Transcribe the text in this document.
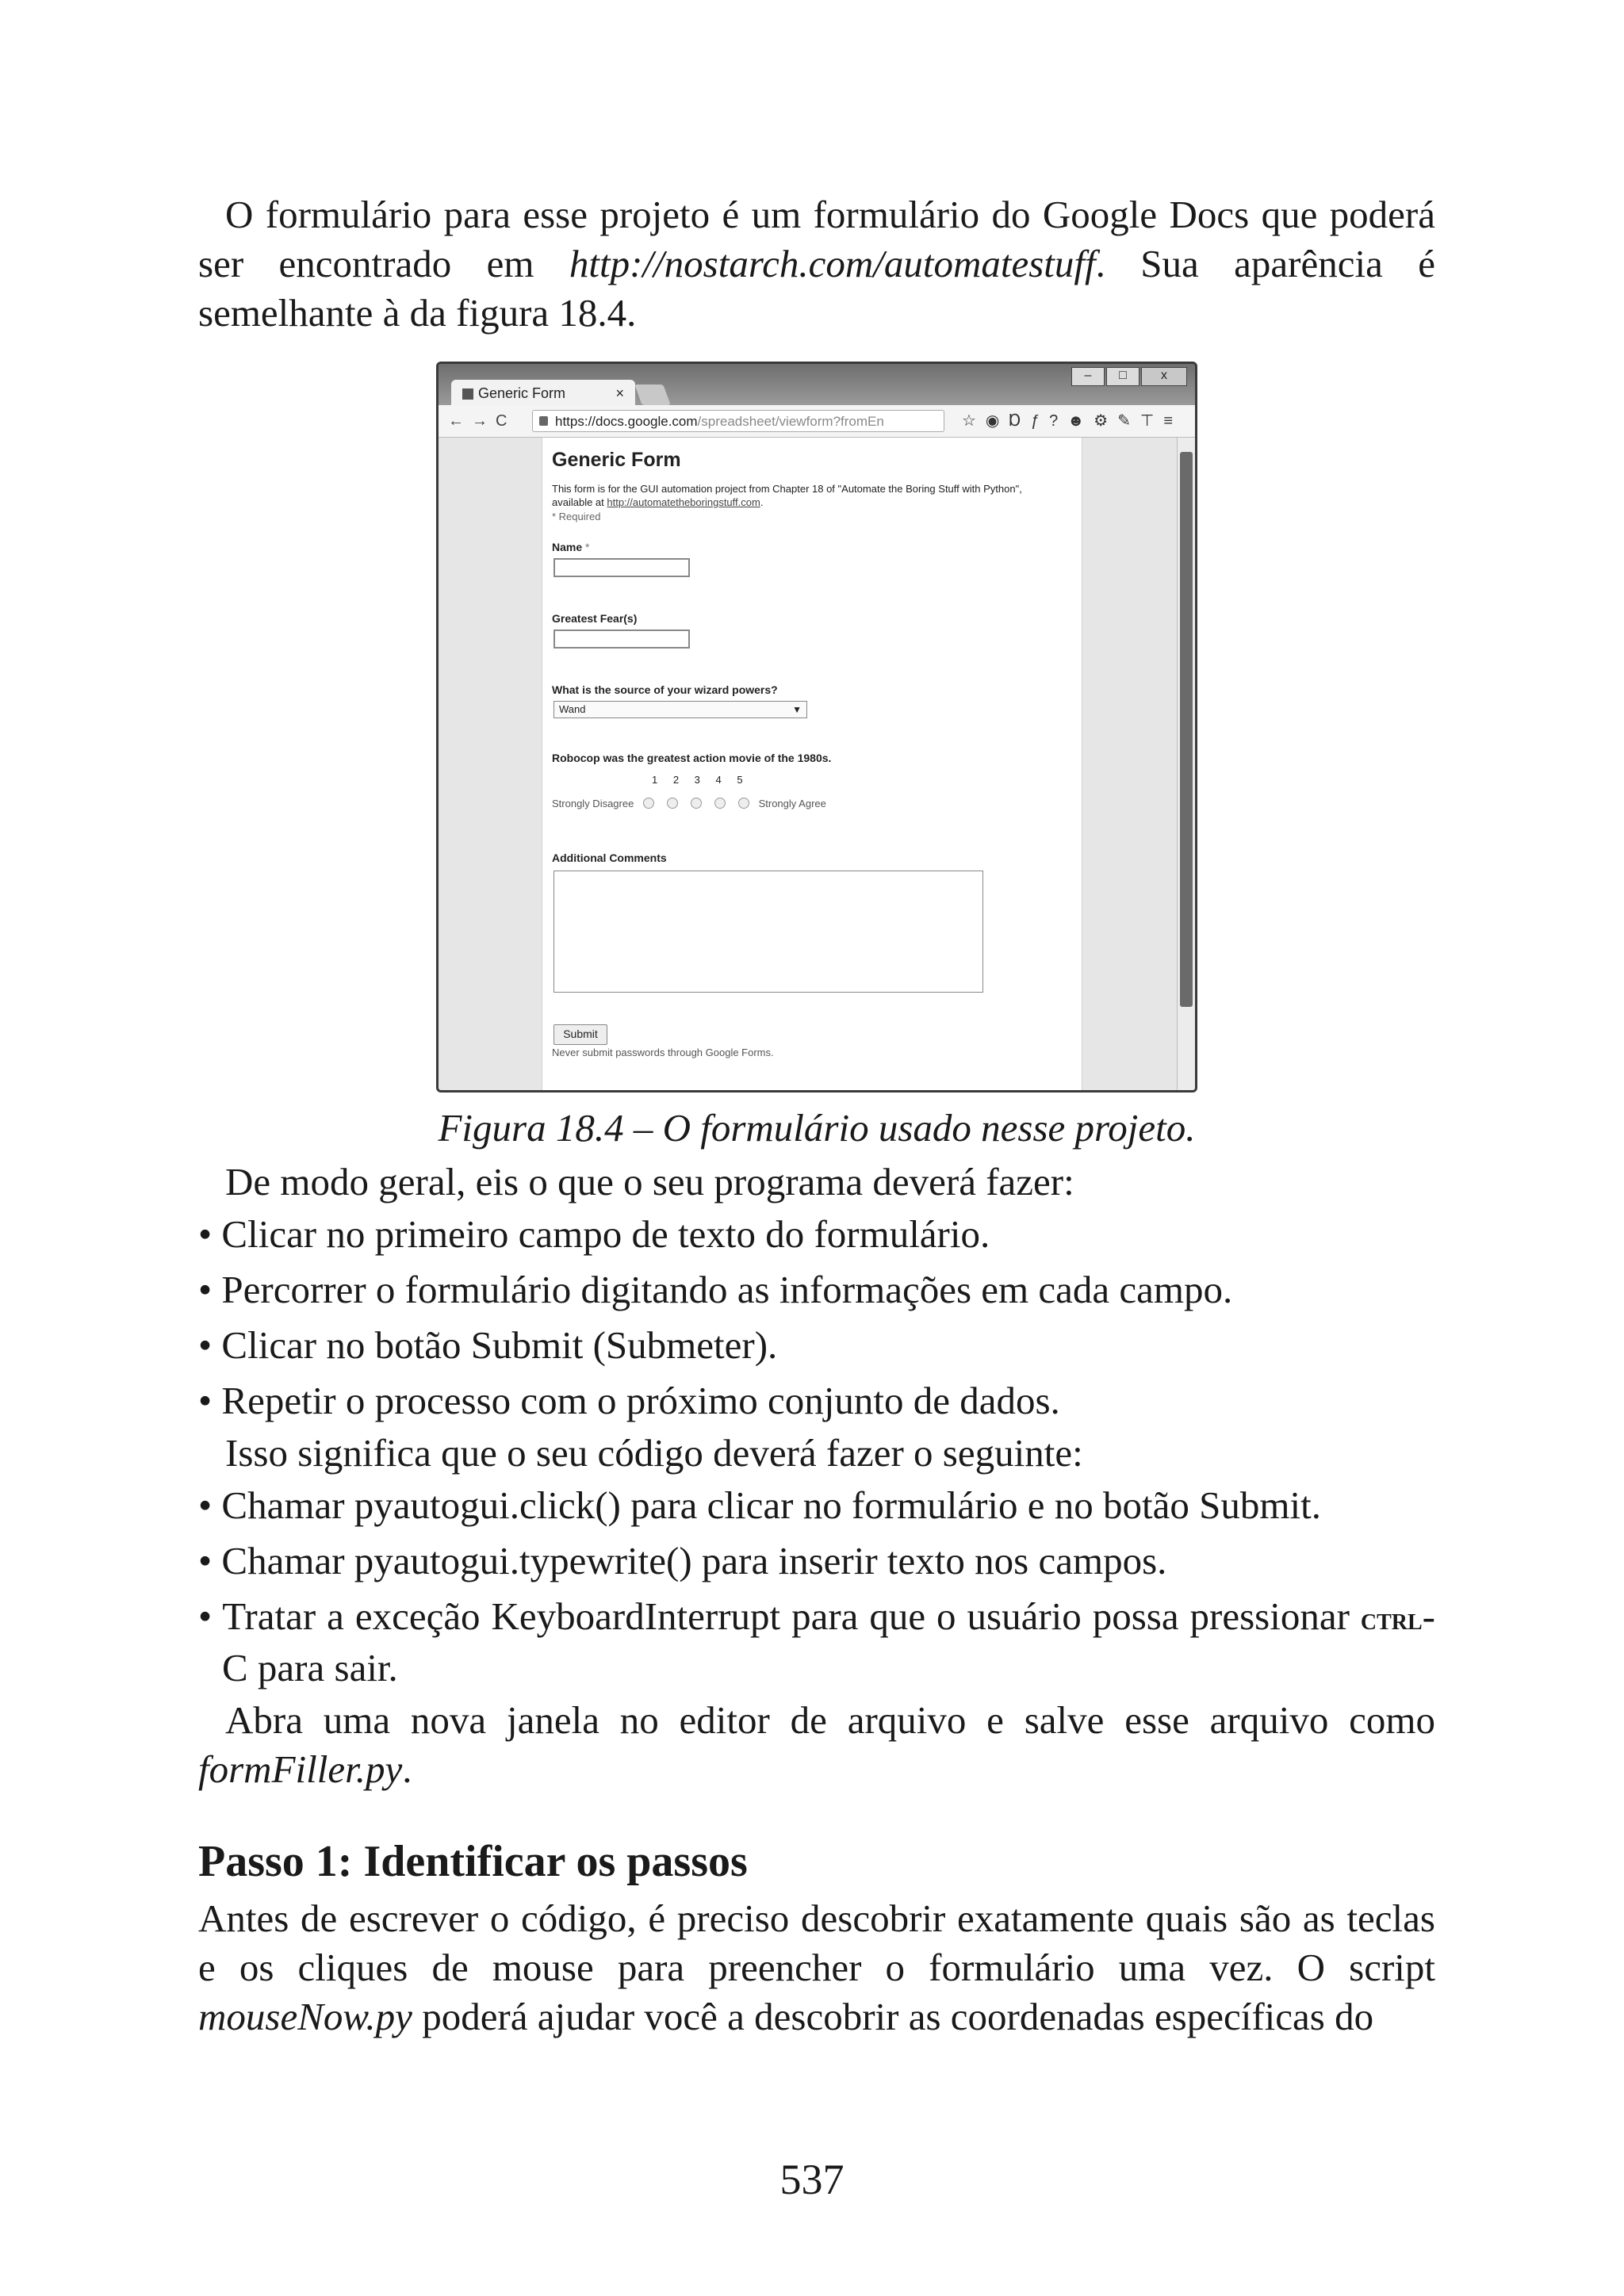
O formulário para esse projeto é um formulário do Google Docs que poderá ser encontrado em http://nostarch.com/automatestuff. Sua aparência é semelhante à da figura 18.4.

Generic Form	×
–	□	x
←→C	https://docs.google.com/spreadsheet/viewform?fromEn	☆◉Ɒƒ?☻⚙✎⊤≡
Generic Form
This form is for the GUI automation project from Chapter 18 of "Automate the Boring Stuff with Python", available at http://automatetheboringstuff.com.
* Required
Name *
Greatest Fear(s)
What is the source of your wizard powers?
Wand	▼
Robocop was the greatest action movie of the 1980s.
1 2 3 4 5
Strongly Disagree	Strongly Agree
Additional Comments
Submit
Never submit passwords through Google Forms.
Figura 18.4 – O formulário usado nesse projeto.

De modo geral, eis o que o seu programa deverá fazer:

• Clicar no primeiro campo de texto do formulário.
• Percorrer o formulário digitando as informações em cada campo.
• Clicar no botão Submit (Submeter).
• Repetir o processo com o próximo conjunto de dados.

Isso significa que o seu código deverá fazer o seguinte:

• Chamar pyautogui.click() para clicar no formulário e no botão Submit.
• Chamar pyautogui.typewrite() para inserir texto nos campos.
• Tratar a exceção KeyboardInterrupt para que o usuário possa pressionar ctrl-C para sair.

Abra uma nova janela no editor de arquivo e salve esse arquivo como formFiller.py.

Passo 1: Identificar os passos

Antes de escrever o código, é preciso descobrir exatamente quais são as teclas e os cliques de mouse para preencher o formulário uma vez. O script mouseNow.py poderá ajudar você a descobrir as coordenadas específicas do

537
